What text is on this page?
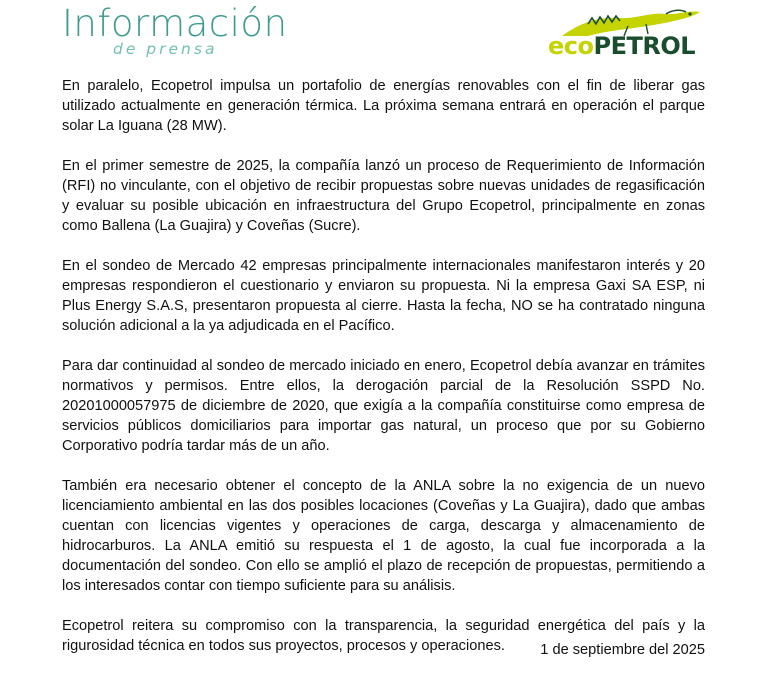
Información
de prensa	ecoPETROL

En paralelo, Ecopetrol impulsa un portafolio de energías renovables con el fin de liberar gas utilizado actualmente en generación térmica. La próxima semana entrará en operación el parque solar La Iguana (28 MW).

En el primer semestre de 2025, la compañía lanzó un proceso de Requerimiento de Información (RFI) no vinculante, con el objetivo de recibir propuestas sobre nuevas unidades de regasificación y evaluar su posible ubicación en infraestructura del Grupo Ecopetrol, principalmente en zonas como Ballena (La Guajira) y Coveñas (Sucre).

En el sondeo de Mercado 42 empresas principalmente internacionales manifestaron interés y 20 empresas respondieron el cuestionario y enviaron su propuesta. Ni la empresa Gaxi SA ESP, ni Plus Energy S.A.S, presentaron propuesta al cierre. Hasta la fecha, NO se ha contratado ninguna solución adicional a la ya adjudicada en el Pacífico.

Para dar continuidad al sondeo de mercado iniciado en enero, Ecopetrol debía avanzar en trámites normativos y permisos. Entre ellos, la derogación parcial de la Resolución SSPD No. 20201000057975 de diciembre de 2020, que exigía a la compañía constituirse como empresa de servicios públicos domiciliarios para importar gas natural, un proceso que por su Gobierno Corporativo podría tardar más de un año.

También era necesario obtener el concepto de la ANLA sobre la no exigencia de un nuevo licenciamiento ambiental en las dos posibles locaciones (Coveñas y La Guajira), dado que ambas cuentan con licencias vigentes y operaciones de carga, descarga y almacenamiento de hidrocarburos. La ANLA emitió su respuesta el 1 de agosto, la cual fue incorporada a la documentación del sondeo. Con ello se amplió el plazo de recepción de propuestas, permitiendo a los interesados contar con tiempo suficiente para su análisis.

Ecopetrol reitera su compromiso con la transparencia, la seguridad energética del país y la rigurosidad técnica en todos sus proyectos, procesos y operaciones.	1 de septiembre del 2025
